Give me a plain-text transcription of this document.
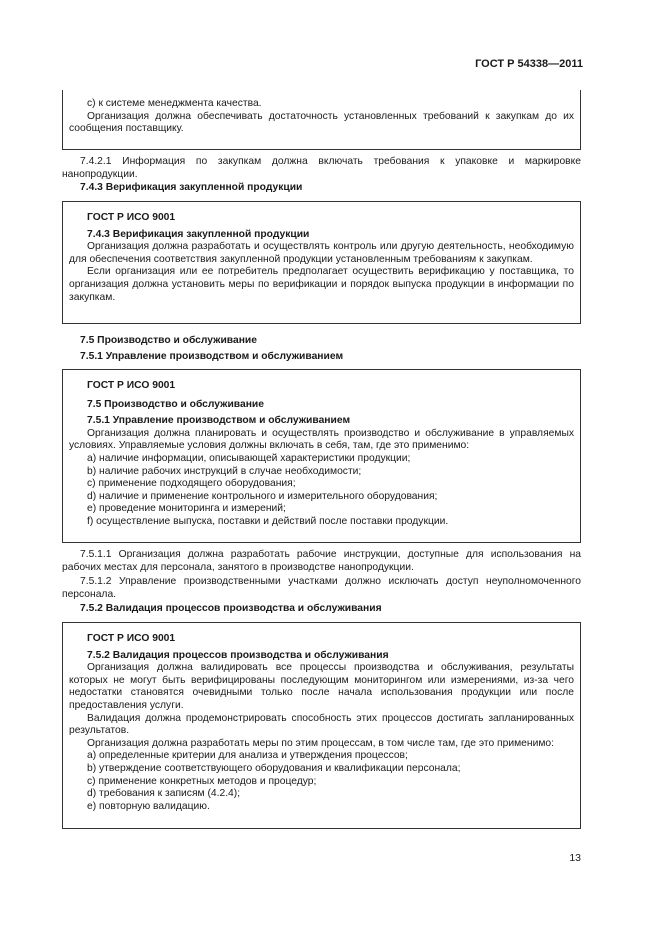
ГОСТ Р 54338—2011

c) к системе менеджмента качества.

Организация должна обеспечивать достаточность установленных требований к закупкам до их сообщения поставщику.

7.4.2.1 Информация по закупкам должна включать требования к упаковке и маркировке нанопродукции.

7.4.3 Верификация закупленной продукции

ГОСТ Р ИСО 9001

7.4.3 Верификация закупленной продукции

Организация должна разработать и осуществлять контроль или другую деятельность, необходимую для обеспечения соответствия закупленной продукции установленным требованиям к закупкам.

Если организация или ее потребитель предполагает осуществить верификацию у поставщика, то организация должна установить меры по верификации и порядок выпуска продукции в информации по закупкам.

7.5 Производство и обслуживание

7.5.1 Управление производством и обслуживанием

ГОСТ Р ИСО 9001

7.5 Производство и обслуживание

7.5.1 Управление производством и обслуживанием

Организация должна планировать и осуществлять производство и обслуживание в управляемых условиях. Управляемые условия должны включать в себя, там, где это применимо:

a) наличие информации, описывающей характеристики продукции;

b) наличие рабочих инструкций в случае необходимости;

c) применение подходящего оборудования;

d) наличие и применение контрольного и измерительного оборудования;

e) проведение мониторинга и измерений;

f) осуществление выпуска, поставки и действий после поставки продукции.

7.5.1.1 Организация должна разработать рабочие инструкции, доступные для использования на рабочих местах для персонала, занятого в производстве нанопродукции.

7.5.1.2 Управление производственными участками должно исключать доступ неуполномоченного персонала.

7.5.2 Валидация процессов производства и обслуживания

ГОСТ Р ИСО 9001

7.5.2 Валидация процессов производства и обслуживания

Организация должна валидировать все процессы производства и обслуживания, результаты которых не могут быть верифицированы последующим мониторингом или измерениями, из-за чего недостатки становятся очевидными только после начала использования продукции или после предоставления услуги.

Валидация должна продемонстрировать способность этих процессов достигать запланированных результатов.

Организация должна разработать меры по этим процессам, в том числе там, где это применимо:

a) определенные критерии для анализа и утверждения процессов;

b) утверждение соответствующего оборудования и квалификации персонала;

c) применение конкретных методов и процедур;

d) требования к записям (4.2.4);

e) повторную валидацию.

13
